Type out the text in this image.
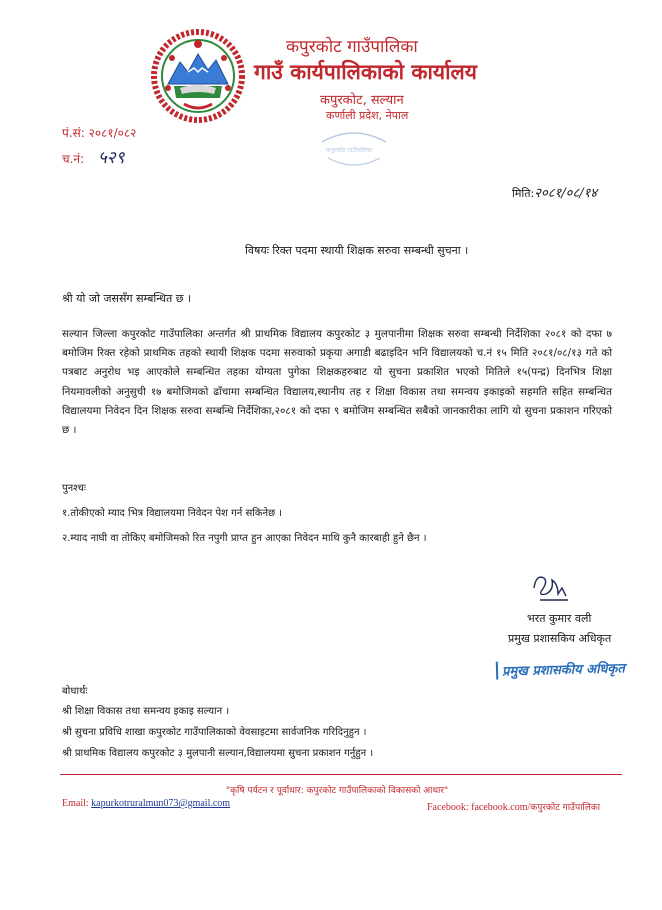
कपुरकोट गाउँपालिका
गाउँ कार्यपालिकाको कार्यालय
कपुरकोट, सल्यान
कर्णाली प्रदेश, नेपाल
कपुरकोट गाउँपालिका
पं.सं: २०८१/०८२
च.नं: ५२९
मिति:२०८१/०८/१४
विषयः रिक्त पदमा स्थायी शिक्षक सरुवा सम्बन्धी सुचना ।
श्री यो जो जससँग सम्बन्धित छ ।
सल्यान जिल्ला कपुरकोट गाउँपालिका अन्तर्गत श्री प्राथमिक विद्यालय कपुरकोट ३ मुलपानीमा शिक्षक सरुवा सम्बन्धी निर्देशिका २०८१ को दफा ७ बमोजिम रिक्त रहेको प्राथमिक तहको स्थायी शिक्षक पदमा सरुवाको प्रकृया अगाडी बढाइदिन भनि विद्यालयको च.नं १५ मिति २०८१/०८/१३ गते को पत्रबाट अनुरोध भइ आएकोले सम्बन्धित तहका योग्यता पुगेका शिक्षकहरुबाट यो सुचना प्रकाशित भएको मितिले १५(पन्द्र) दिनभित्र शिक्षा नियमावलीको अनुसुची १७ बमोजिमको ढाँचामा सम्बन्धित विद्यालय,स्थानीय तह र शिक्षा विकास तथा समन्वय इकाइको सहमति सहित सम्बन्धित विद्यालयमा निवेदन दिन शिक्षक सरुवा सम्बन्धि निर्देशिका,२०८१ को दफा ९ बमोजिम सम्बन्धित सबैको जानकारीका लागि यो सुचना प्रकाशन गरिएको छ ।
पुनश्चः
१.तोकीएको म्याद भित्र विद्यालयमा निवेदन पेश गर्न सकिनेछ ।
२.म्याद नाघी वा तोकिए बमोजिमको रित नपुगी प्राप्त हुन आएका निवेदन माथि कुनै कारबाही हुने छैन ।
भरत कुमार वली
प्रमुख प्रशासकिय अधिकृत
प्रमुख प्रशासकीय अधिकृत
बोधार्थः
श्री शिक्षा विकास तथा समन्वय इकाइ सल्यान ।
श्री सुचना प्रविधि शाखा कपुरकोट गाउँपालिकाको वेवसाइटमा सार्वजनिक गरिदिनुहुन ।
श्री प्राथमिक विद्यालय कपुरकोट ३ मुलपानी सल्यान,विद्यालयमा सुचना प्रकाशन गर्नुहुन ।
"कृषि पर्यटन र पूर्वाधार: कपुरकोट गाउँपालिकाको विकासको आधार"
Email: kapurkotruralmun073@gmail.com	Facebook: facebook.com/कपुरकोट गाउँपालिका
